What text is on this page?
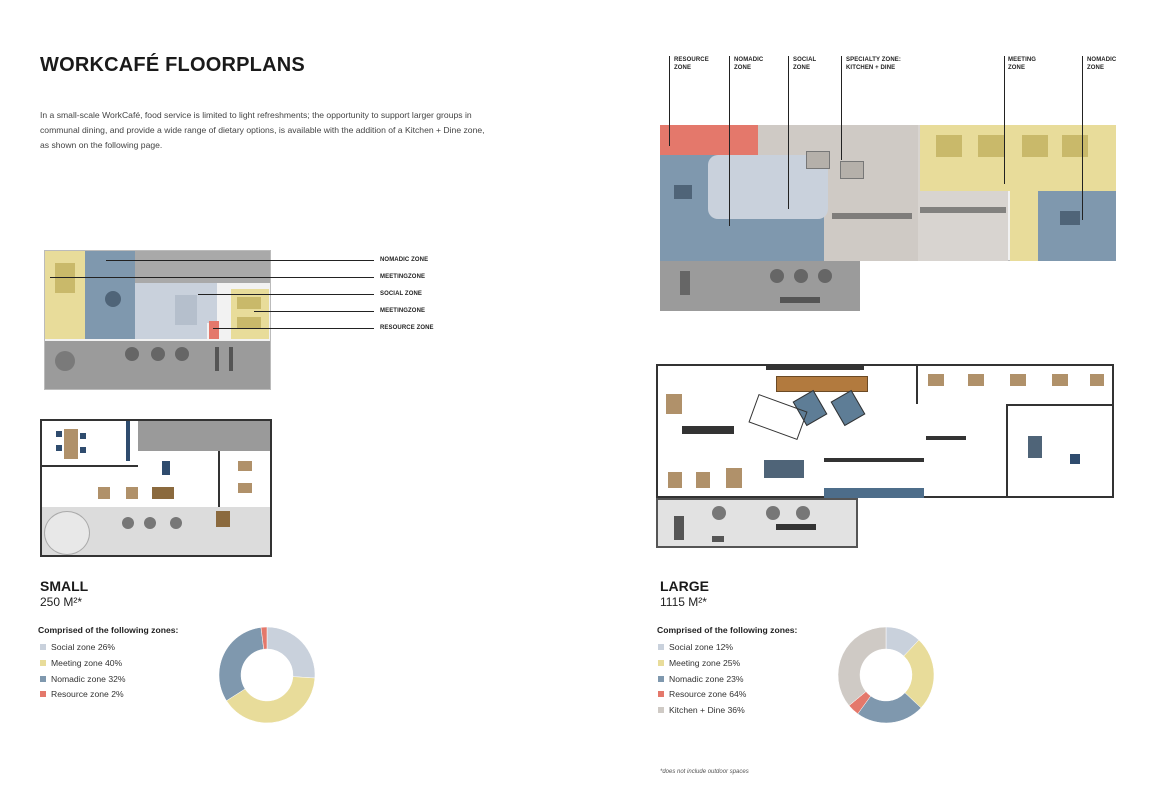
WORKCAFÉ FLOORPLANS
In a small-scale WorkCafé, food service is limited to light refreshments; the opportunity to support larger groups in communal dining, and provide a wide range of dietary options, is available with the addition of a Kitchen + Dine zone, as shown on the following page.
NOMADIC ZONE
MEETINGZONE
SOCIAL ZONE
MEETINGZONE
RESOURCE ZONE
SMALL
250 M²*
Comprised of the following zones:
Social zone 26%
Meeting zone 40%
Nomadic zone 32%
Resource zone 2%
RESOURCE
ZONE
NOMADIC
ZONE
SOCIAL
ZONE
SPECIALTY ZONE:
KITCHEN + DINE
MEETING
ZONE
NOMADIC
ZONE
LARGE
1115 M²*
Comprised of the following zones:
Social zone 12%
Meeting zone 25%
Nomadic zone 23%
Resource zone 64%
Kitchen + Dine 36%
*does not include outdoor spaces
